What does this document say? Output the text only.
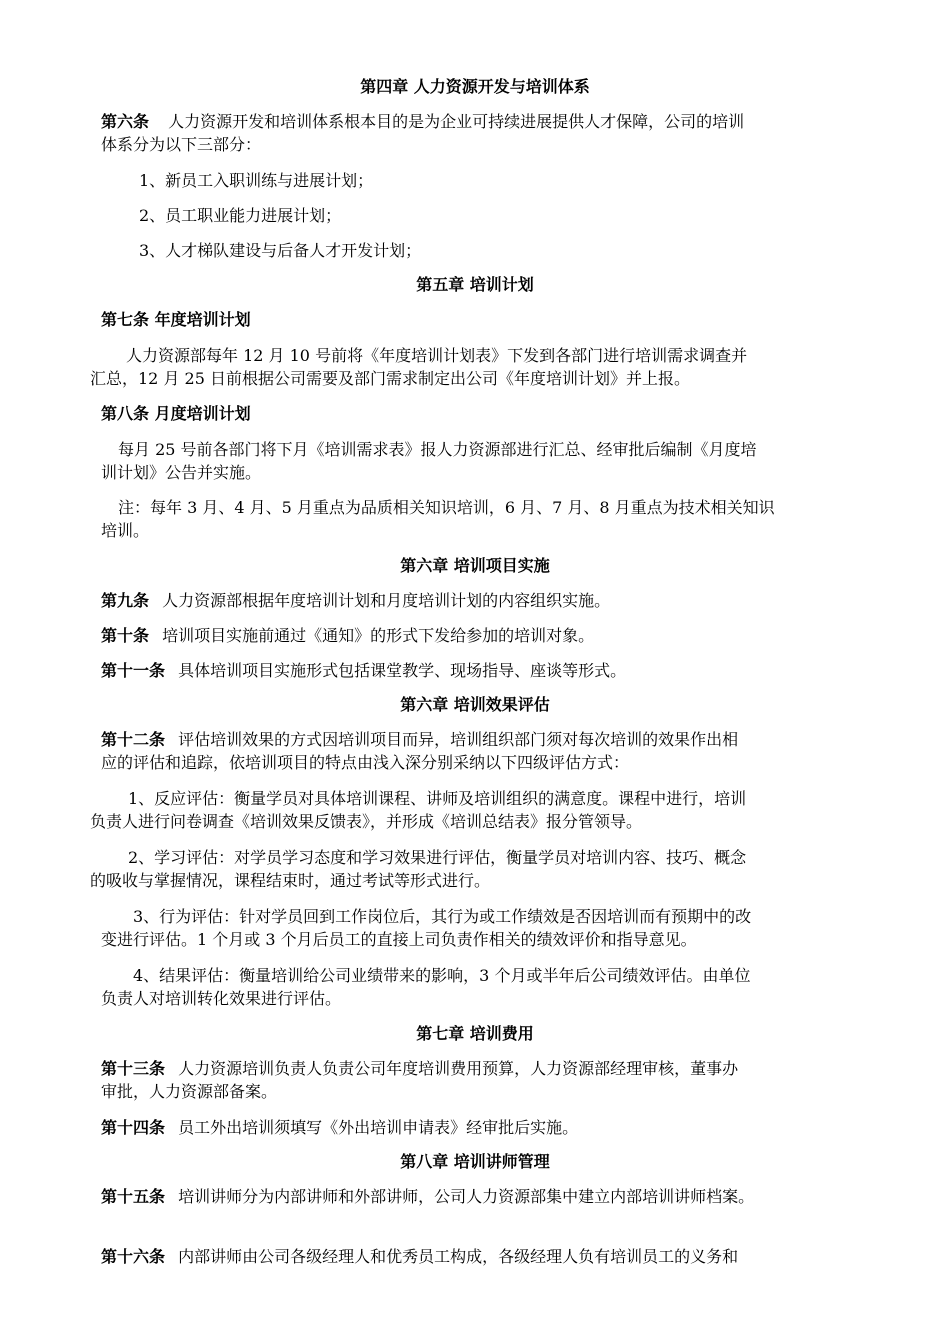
第四章 人力资源开发与培训体系
第六条 人力资源开发和培训体系根本目的是为企业可持续进展提供人才保障，公司的培训
体系分为以下三部分：
1、新员工入职训练与进展计划；
2、员工职业能力进展计划；
3、人才梯队建设与后备人才开发计划；
第五章 培训计划
第七条 年度培训计划
人力资源部每年 12 月 10 号前将《年度培训计划表》下发到各部门进行培训需求调查并
汇总，12 月 25 日前根据公司需要及部门需求制定出公司《年度培训计划》并上报。
第八条 月度培训计划
每月 25 号前各部门将下月《培训需求表》报人力资源部进行汇总、经审批后编制《月度培
训计划》公告并实施。
注：每年 3 月、4 月、5 月重点为品质相关知识培训，6 月、7 月、8 月重点为技术相关知识
培训。
第六章 培训项目实施
第九条 人力资源部根据年度培训计划和月度培训计划的内容组织实施。
第十条 培训项目实施前通过《通知》的形式下发给参加的培训对象。
第十一条 具体培训项目实施形式包括课堂教学、现场指导、座谈等形式。
第六章 培训效果评估
第十二条 评估培训效果的方式因培训项目而异，培训组织部门须对每次培训的效果作出相
应的评估和追踪，依培训项目的特点由浅入深分别采纳以下四级评估方式：
1、反应评估：衡量学员对具体培训课程、讲师及培训组织的满意度。课程中进行，培训
负责人进行问卷调查《培训效果反馈表》，并形成《培训总结表》报分管领导。
2、学习评估：对学员学习态度和学习效果进行评估，衡量学员对培训内容、技巧、概念
的吸收与掌握情况，课程结束时，通过考试等形式进行。
3、行为评估：针对学员回到工作岗位后，其行为或工作绩效是否因培训而有预期中的改
变进行评估。1 个月或 3 个月后员工的直接上司负责作相关的绩效评价和指导意见。
4、结果评估：衡量培训给公司业绩带来的影响，3 个月或半年后公司绩效评估。由单位
负责人对培训转化效果进行评估。
第七章 培训费用
第十三条 人力资源培训负责人负责公司年度培训费用预算，人力资源部经理审核，董事办
审批，人力资源部备案。
第十四条 员工外出培训须填写《外出培训申请表》经审批后实施。
第八章 培训讲师管理
第十五条 培训讲师分为内部讲师和外部讲师，公司人力资源部集中建立内部培训讲师档案。
第十六条 内部讲师由公司各级经理人和优秀员工构成，各级经理人负有培训员工的义务和
